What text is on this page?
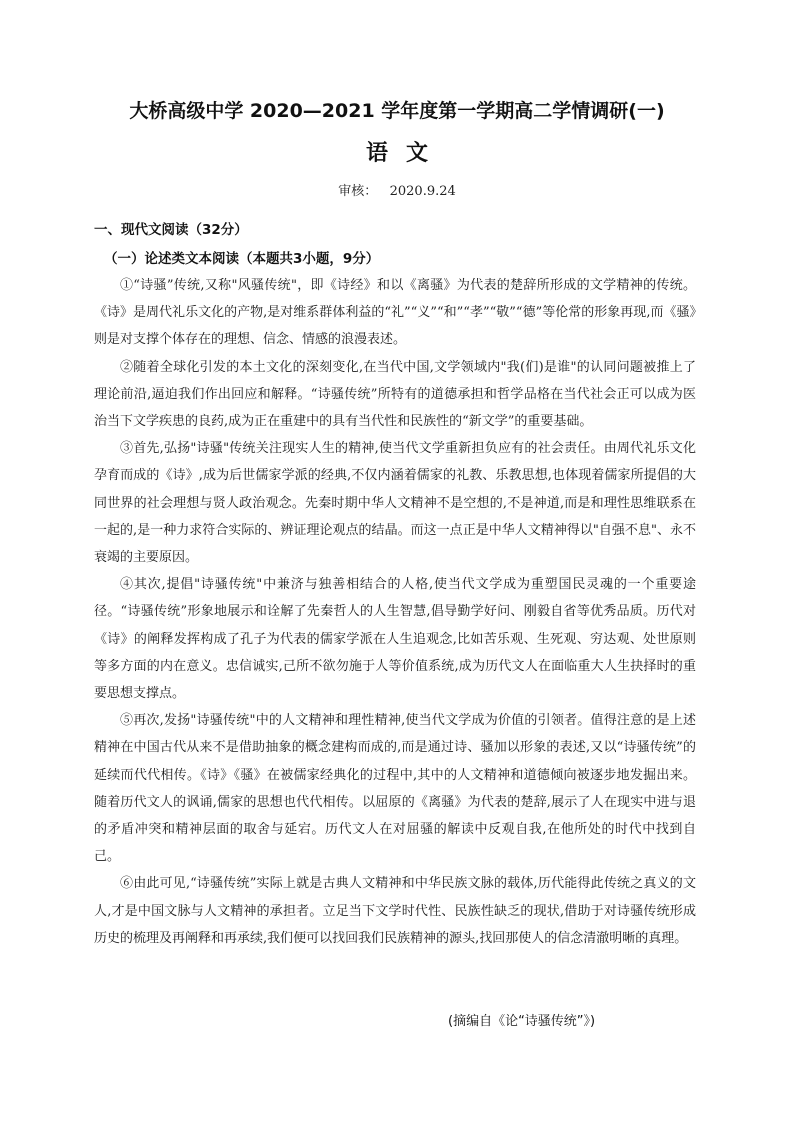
大桥高级中学 2020—2021 学年度第一学期高二学情调研(一)
语文
审核：   2020.9.24
一、现代文阅读（32分）
（一）论述类文本阅读（本题共3小题，9分）

①“诗骚”传统,又称"风骚传统"，即《诗经》和以《离骚》为代表的楚辞所形成的文学精神的传统。《诗》是周代礼乐文化的产物,是对维系群体利益的“礼”“义”“和”“孝”“敬”“德”等伦常的形象再现,而《骚》则是对支撑个体存在的理想、信念、情感的浪漫表述。

②随着全球化引发的本土文化的深刻变化,在当代中国,文学领域内"我(们)是谁"的认同问题被推上了理论前沿,逼迫我们作出回应和解释。“诗骚传统”所特有的道德承担和哲学品格在当代社会正可以成为医治当下文学疾患的良药,成为正在重建中的具有当代性和民族性的“新文学”的重要基础。

③首先,弘扬"诗骚"传统关注现实人生的精神,使当代文学重新担负应有的社会责任。由周代礼乐文化孕育而成的《诗》,成为后世儒家学派的经典,不仅内涵着儒家的礼教、乐教思想,也体现着儒家所提倡的大同世界的社会理想与贤人政治观念。先秦时期中华人文精神不是空想的,不是神道,而是和理性思维联系在一起的,是一种力求符合实际的、辨证理论观点的结晶。而这一点正是中华人文精神得以"自强不息"、永不衰竭的主要原因。

④其次,提倡"诗骚传统"中兼济与独善相结合的人格,使当代文学成为重塑国民灵魂的一个重要途径。“诗骚传统”形象地展示和诠解了先秦哲人的人生智慧,倡导勤学好问、刚毅自省等优秀品质。历代对《诗》的阐释发挥构成了孔子为代表的儒家学派在人生追观念,比如苦乐观、生死观、穷达观、处世原则等多方面的内在意义。忠信诚实,己所不欲勿施于人等价值系统,成为历代文人在面临重大人生抉择时的重要思想支撑点。

⑤再次,发扬"诗骚传统"中的人文精神和理性精神,使当代文学成为价值的引领者。值得注意的是上述精神在中国古代从来不是借助抽象的概念建构而成的,而是通过诗、骚加以形象的表述,又以“诗骚传统”的延续而代代相传。《诗》《骚》在被儒家经典化的过程中,其中的人文精神和道德倾向被逐步地发掘出来。随着历代文人的讽诵,儒家的思想也代代相传。以屈原的《离骚》为代表的楚辞,展示了人在现实中进与退的矛盾冲突和精神层面的取舍与延宕。历代文人在对屈骚的解读中反观自我,在他所处的时代中找到自己。

⑥由此可见,“诗骚传统”实际上就是古典人文精神和中华民族文脉的载体,历代能得此传统之真义的文人,才是中国文脉与人文精神的承担者。立足当下文学时代性、民族性缺乏的现状,借助于对诗骚传统形成历史的梳理及再阐释和再承续,我们便可以找回我们民族精神的源头,找回那使人的信念清澈明晰的真理。

(摘编自《论“诗骚传统”》)
